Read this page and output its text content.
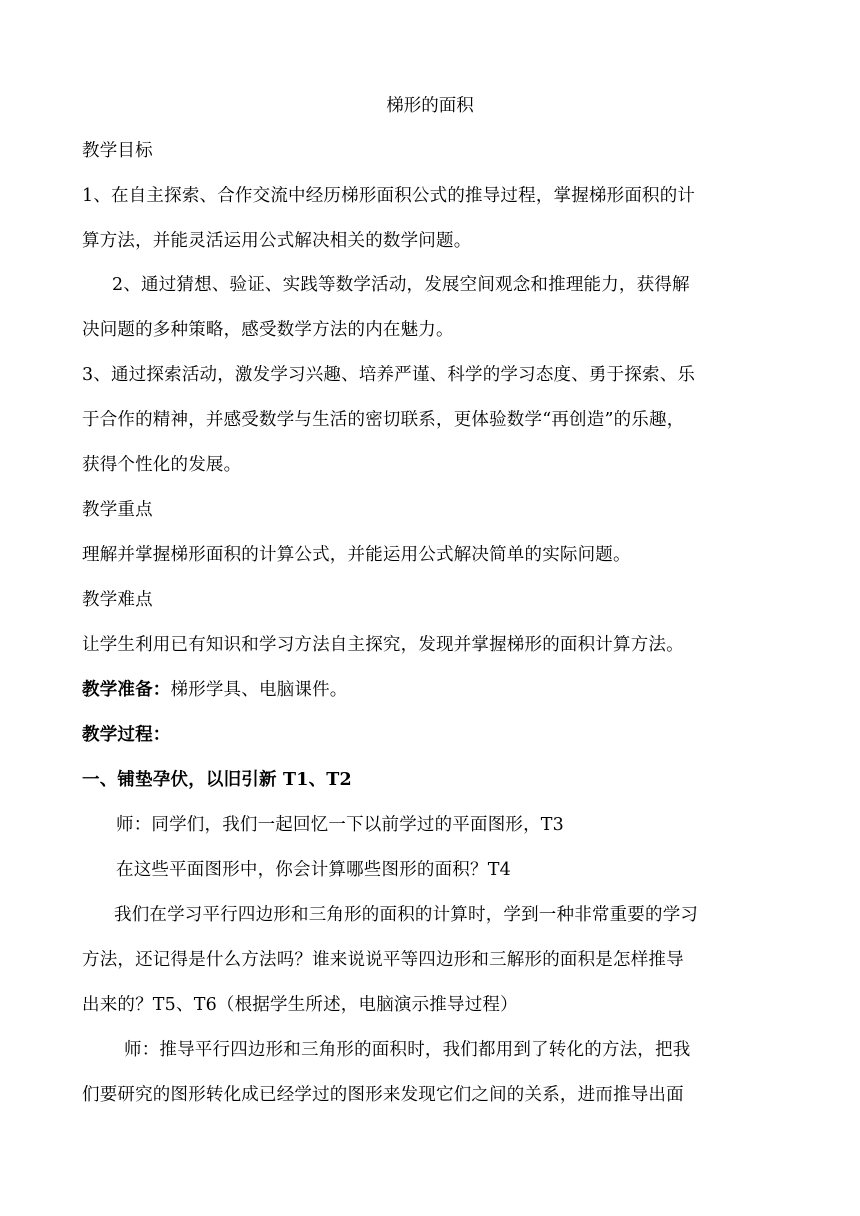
梯形的面积
教学目标
1、在自主探索、合作交流中经历梯形面积公式的推导过程，掌握梯形面积的计
算方法，并能灵活运用公式解决相关的数学问题。
2、通过猜想、验证、实践等数学活动，发展空间观念和推理能力，获得解
决问题的多种策略，感受数学方法的内在魅力。
3、通过探索活动，激发学习兴趣、培养严谨、科学的学习态度、勇于探索、乐
于合作的精神，并感受数学与生活的密切联系，更体验数学“再创造”的乐趣，
获得个性化的发展。
教学重点
理解并掌握梯形面积的计算公式，并能运用公式解决简单的实际问题。
教学难点
让学生利用已有知识和学习方法自主探究，发现并掌握梯形的面积计算方法。
教学准备：梯形学具、电脑课件。
教学过程：
一、铺垫孕伏，以旧引新 T1、T2
师：同学们，我们一起回忆一下以前学过的平面图形，T3
在这些平面图形中，你会计算哪些图形的面积？T4
我们在学习平行四边形和三角形的面积的计算时，学到一种非常重要的学习
方法，还记得是什么方法吗？谁来说说平等四边形和三解形的面积是怎样推导
出来的？T5、T6（根据学生所述，电脑演示推导过程）
师：推导平行四边形和三角形的面积时，我们都用到了转化的方法，把我
们要研究的图形转化成已经学过的图形来发现它们之间的关系，进而推导出面
